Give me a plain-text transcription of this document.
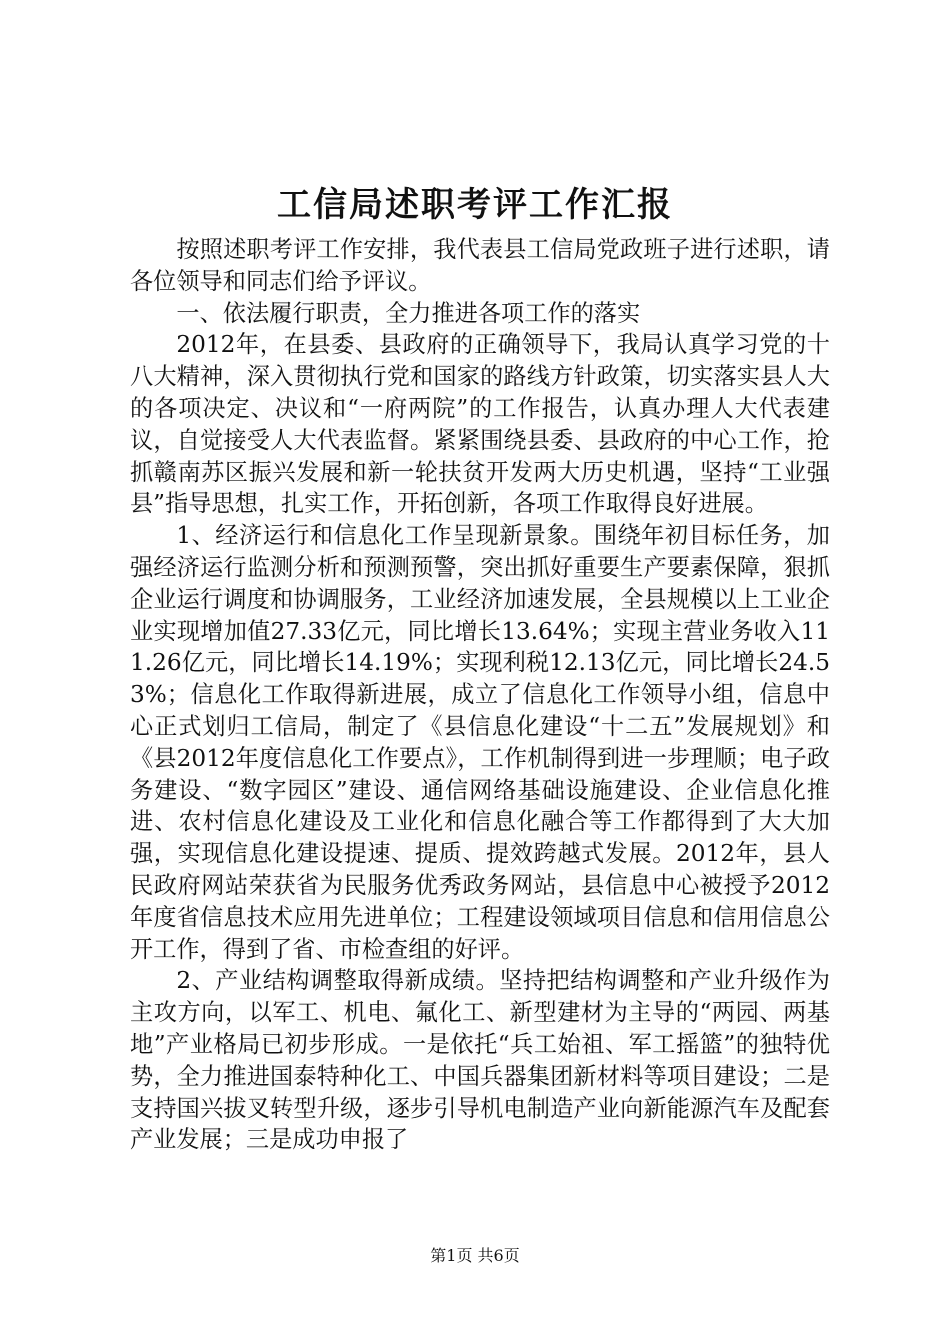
工信局述职考评工作汇报

按照述职考评工作安排，我代表县工信局党政班子进行述职，请各位领导和同志们给予评议。

一、依法履行职责，全力推进各项工作的落实

2012年，在县委、县政府的正确领导下，我局认真学习党的十八大精神，深入贯彻执行党和国家的路线方针政策，切实落实县人大的各项决定、决议和“一府两院”的工作报告，认真办理人大代表建议，自觉接受人大代表监督。紧紧围绕县委、县政府的中心工作，抢抓赣南苏区振兴发展和新一轮扶贫开发两大历史机遇，坚持“工业强县”指导思想，扎实工作，开拓创新，各项工作取得良好进展。

1、经济运行和信息化工作呈现新景象。围绕年初目标任务，加强经济运行监测分析和预测预警，突出抓好重要生产要素保障，狠抓企业运行调度和协调服务，工业经济加速发展，全县规模以上工业企业实现增加值27.33亿元，同比增长13.64%；实现主营业务收入111.26亿元，同比增长14.19%；实现利税12.13亿元，同比增长24.53%；信息化工作取得新进展，成立了信息化工作领导小组，信息中心正式划归工信局，制定了《县信息化建设“十二五”发展规划》和《县2012年度信息化工作要点》，工作机制得到进一步理顺；电子政务建设、“数字园区”建设、通信网络基础设施建设、企业信息化推进、农村信息化建设及工业化和信息化融合等工作都得到了大大加强，实现信息化建设提速、提质、提效跨越式发展。2012年，县人民政府网站荣获省为民服务优秀政务网站，县信息中心被授予2012年度省信息技术应用先进单位；工程建设领域项目信息和信用信息公开工作，得到了省、市检查组的好评。

2、产业结构调整取得新成绩。坚持把结构调整和产业升级作为主攻方向，以军工、机电、氟化工、新型建材为主导的“两园、两基地”产业格局已初步形成。一是依托“兵工始祖、军工摇篮”的独特优势，全力推进国泰特种化工、中国兵器集团新材料等项目建设；二是支持国兴拔叉转型升级，逐步引导机电制造产业向新能源汽车及配套产业发展；三是成功申报了

第1页 共6页
